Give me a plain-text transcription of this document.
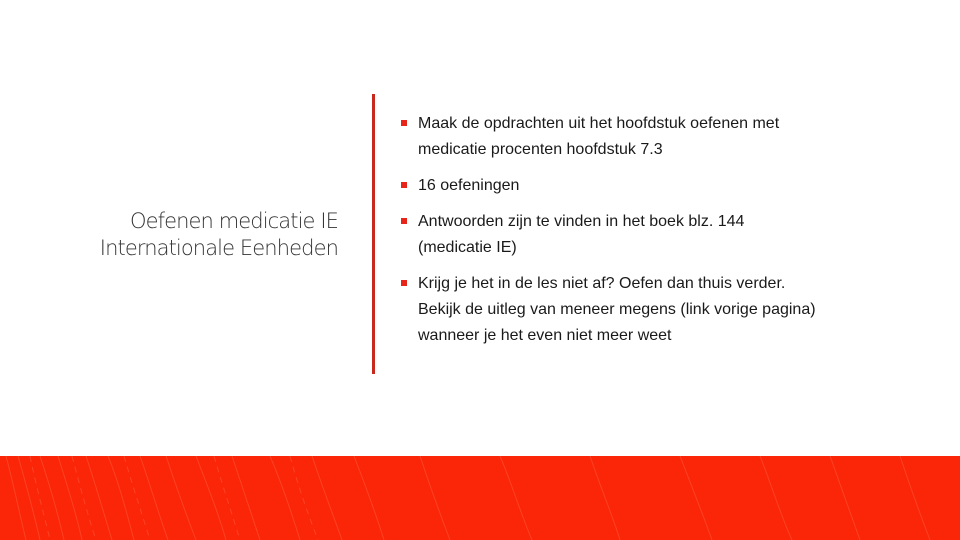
Oefenen medicatie IE
Internationale Eenheden
Maak de opdrachten uit het hoofdstuk oefenen met medicatie procenten hoofdstuk 7.3
16 oefeningen
Antwoorden zijn te vinden in het boek blz. 144 (medicatie IE)
Krijg je het in de les niet af? Oefen dan thuis verder. Bekijk de uitleg van meneer megens (link vorige pagina) wanneer je het even niet meer weet
